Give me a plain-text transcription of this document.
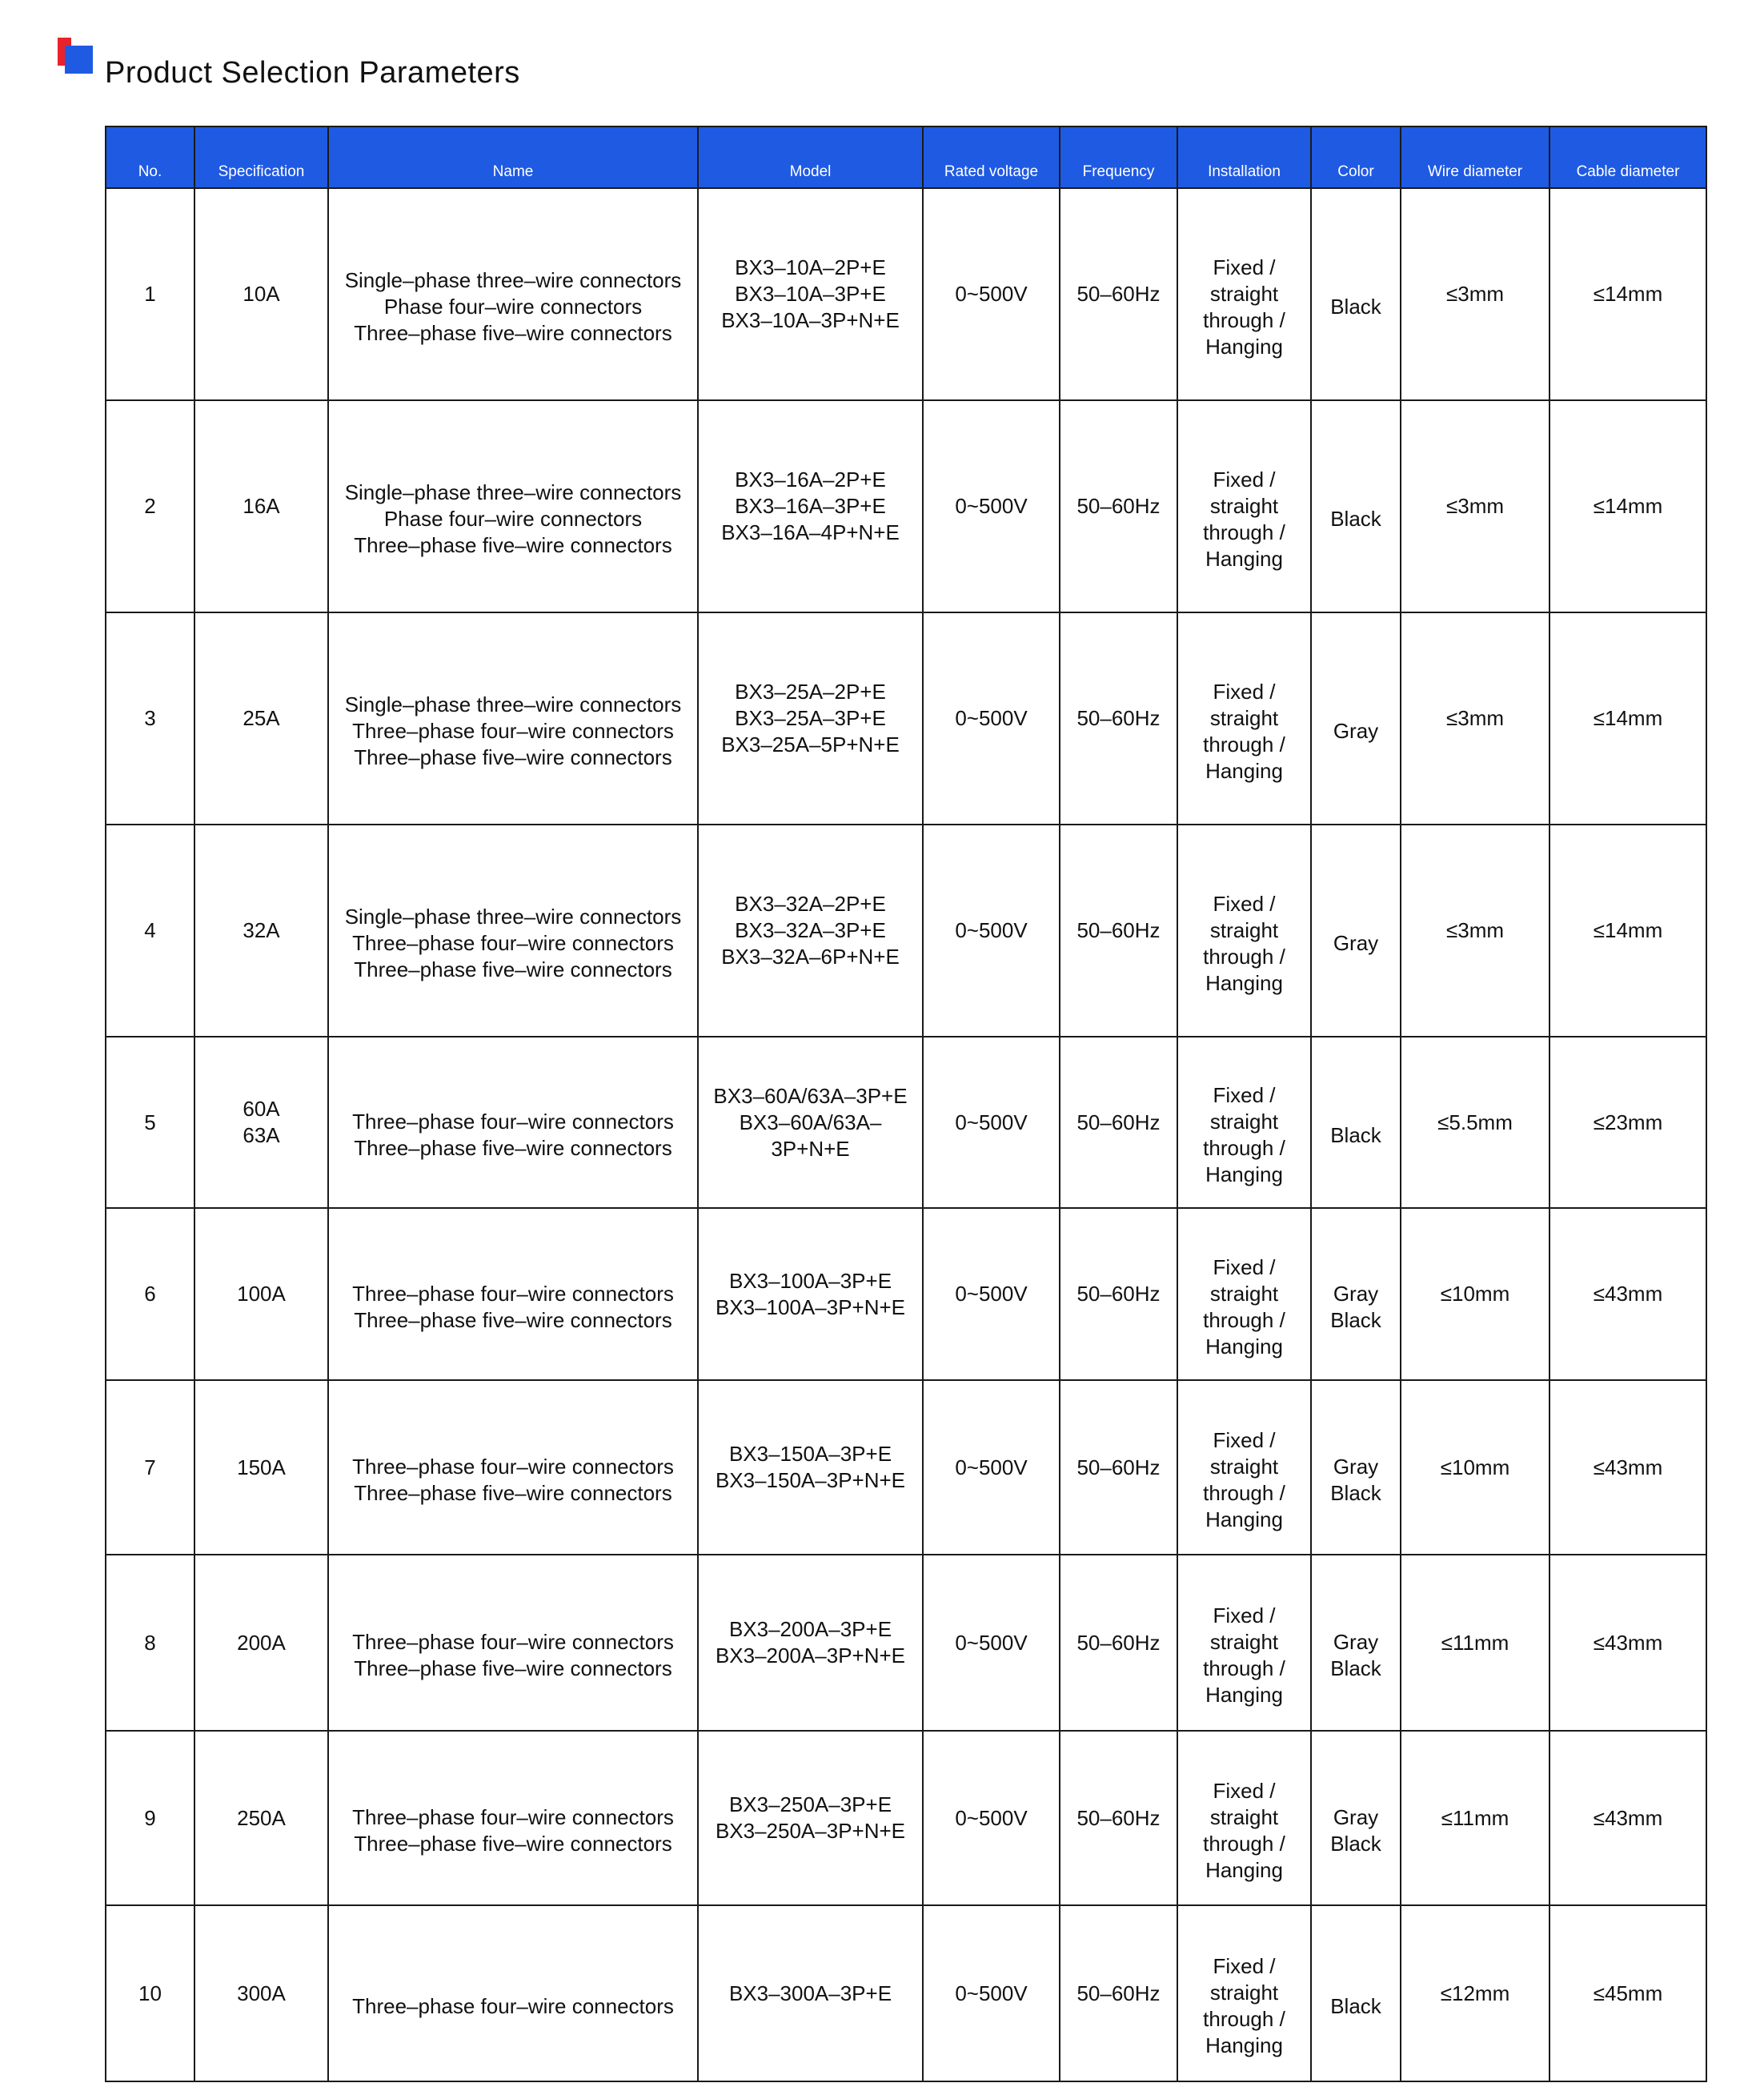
Product Selection Parameters
No.	Specification	Name	Model	Rated voltage	Frequency	Installation	Color	Wire diameter	Cable diameter
1	10A	Single–phase three–wire connectors
Phase four–wire connectors
Three–phase five–wire connectors	BX3–10A–2P+E
BX3–10A–3P+E
BX3–10A–3P+N+E	0~500V	50–60Hz	Fixed /
straight
through /
Hanging	Black	≤3mm	≤14mm
2	16A	Single–phase three–wire connectors
Phase four–wire connectors
Three–phase five–wire connectors	BX3–16A–2P+E
BX3–16A–3P+E
BX3–16A–4P+N+E	0~500V	50–60Hz	Fixed /
straight
through /
Hanging	Black	≤3mm	≤14mm
3	25A	Single–phase three–wire connectors
Three–phase four–wire connectors
Three–phase five–wire connectors	BX3–25A–2P+E
BX3–25A–3P+E
BX3–25A–5P+N+E	0~500V	50–60Hz	Fixed /
straight
through /
Hanging	Gray	≤3mm	≤14mm
4	32A	Single–phase three–wire connectors
Three–phase four–wire connectors
Three–phase five–wire connectors	BX3–32A–2P+E
BX3–32A–3P+E
BX3–32A–6P+N+E	0~500V	50–60Hz	Fixed /
straight
through /
Hanging	Gray	≤3mm	≤14mm
5	60A
63A	Three–phase four–wire connectors
Three–phase five–wire connectors	BX3–60A/63A–3P+E
BX3–60A/63A–
3P+N+E	0~500V	50–60Hz	Fixed /
straight
through /
Hanging	Black	≤5.5mm	≤23mm
6	100A	Three–phase four–wire connectors
Three–phase five–wire connectors	BX3–100A–3P+E
BX3–100A–3P+N+E	0~500V	50–60Hz	Fixed /
straight
through /
Hanging	Gray
Black	≤10mm	≤43mm
7	150A	Three–phase four–wire connectors
Three–phase five–wire connectors	BX3–150A–3P+E
BX3–150A–3P+N+E	0~500V	50–60Hz	Fixed /
straight
through /
Hanging	Gray
Black	≤10mm	≤43mm
8	200A	Three–phase four–wire connectors
Three–phase five–wire connectors	BX3–200A–3P+E
BX3–200A–3P+N+E	0~500V	50–60Hz	Fixed /
straight
through /
Hanging	Gray
Black	≤11mm	≤43mm
9	250A	Three–phase four–wire connectors
Three–phase five–wire connectors	BX3–250A–3P+E
BX3–250A–3P+N+E	0~500V	50–60Hz	Fixed /
straight
through /
Hanging	Gray
Black	≤11mm	≤43mm
10	300A	Three–phase four–wire connectors	BX3–300A–3P+E	0~500V	50–60Hz	Fixed /
straight
through /
Hanging	Black	≤12mm	≤45mm
